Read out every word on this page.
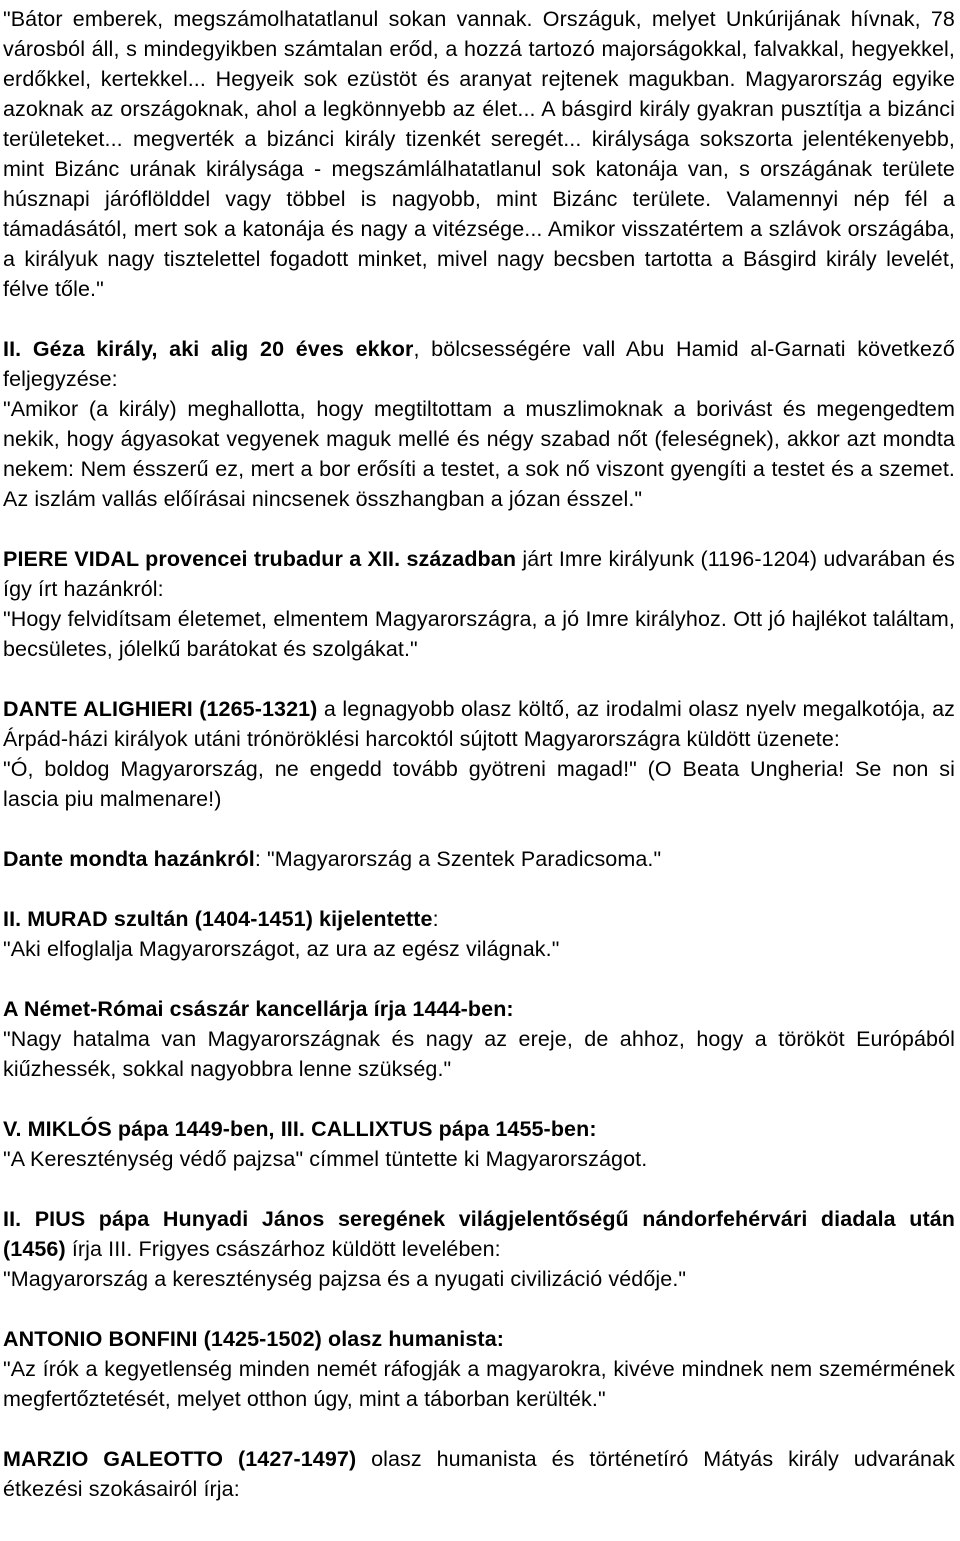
"Bátor emberek, megszámolhatatlanul sokan vannak. Országuk, melyet Unkúrijának hívnak, 78 városból áll, s mindegyikben számtalan erőd, a hozzá tartozó majorságokkal, falvakkal, hegyekkel, erdőkkel, kertekkel... Hegyeik sok ezüstöt és aranyat rejtenek magukban. Magyarország egyike azoknak az országoknak, ahol a legkönnyebb az élet... A básgird király gyakran pusztítja a bizánci területeket... megverték a bizánci király tizenkét seregét... királysága sokszorta jelentékenyebb, mint Bizánc urának királysága - megszámlálhatatlanul sok katonája van, s országának területe húsznapi járóflölddel vagy többel is nagyobb, mint Bizánc területe. Valamennyi nép fél a támadásától, mert sok a katonája és nagy a vitézsége... Amikor visszatértem a szlávok országába, a királyuk nagy tisztelettel fogadott minket, mivel nagy becsben tartotta a Básgird király levelét, félve tőle."

II. Géza király, aki alig 20 éves ekkor, bölcsességére vall Abu Hamid al-Garnati következő feljegyzése:

"Amikor (a király) meghallotta, hogy megtiltottam a muszlimoknak a borivást és megengedtem nekik, hogy ágyasokat vegyenek maguk mellé és négy szabad nőt (feleségnek), akkor azt mondta nekem: Nem ésszerű ez, mert a bor erősíti a testet, a sok nő viszont gyengíti a testet és a szemet. Az iszlám vallás előírásai nincsenek összhangban a józan ésszel."

PIERE VIDAL provencei trubadur a XII. században járt Imre királyunk (1196-1204) udvarában és így írt hazánkról:

"Hogy felvidítsam életemet, elmentem Magyarországra, a jó Imre királyhoz. Ott jó hajlékot találtam, becsületes, jólelkű barátokat és szolgákat."

DANTE ALIGHIERI (1265-1321) a legnagyobb olasz költő, az irodalmi olasz nyelv megalkotója, az Árpád-házi királyok utáni trónöröklési harcoktól sújtott Magyarországra küldött üzenete:

"Ó, boldog Magyarország, ne engedd tovább gyötreni magad!" (O Beata Ungheria! Se non si lascia piu malmenare!)

Dante mondta hazánkról: "Magyarország a Szentek Paradicsoma."

II. MURAD szultán (1404-1451) kijelentette:

"Aki elfoglalja Magyarországot, az ura az egész világnak."

A Német-Római császár kancellárja írja 1444-ben:

"Nagy hatalma van Magyarországnak és nagy az ereje, de ahhoz, hogy a törököt Európából kiűzhessék, sokkal nagyobbra lenne szükség."

V. MIKLÓS pápa 1449-ben, III. CALLIXTUS pápa 1455-ben:

"A Kereszténység védő pajzsa" címmel tüntette ki Magyarországot.

II. PIUS pápa Hunyadi János seregének világjelentőségű nándorfehérvári diadala után (1456) írja III. Frigyes császárhoz küldött levelében:

"Magyarország a kereszténység pajzsa és a nyugati civilizáció védője."

ANTONIO BONFINI (1425-1502) olasz humanista:

"Az írók a kegyetlenség minden nemét ráfogják a magyarokra, kivéve mindnek nem szemérmének megfertőztetését, melyet otthon úgy, mint a táborban kerülték."

MARZIO GALEOTTO (1427-1497) olasz humanista és történetíró Mátyás király udvarának étkezési szokásairól írja:
